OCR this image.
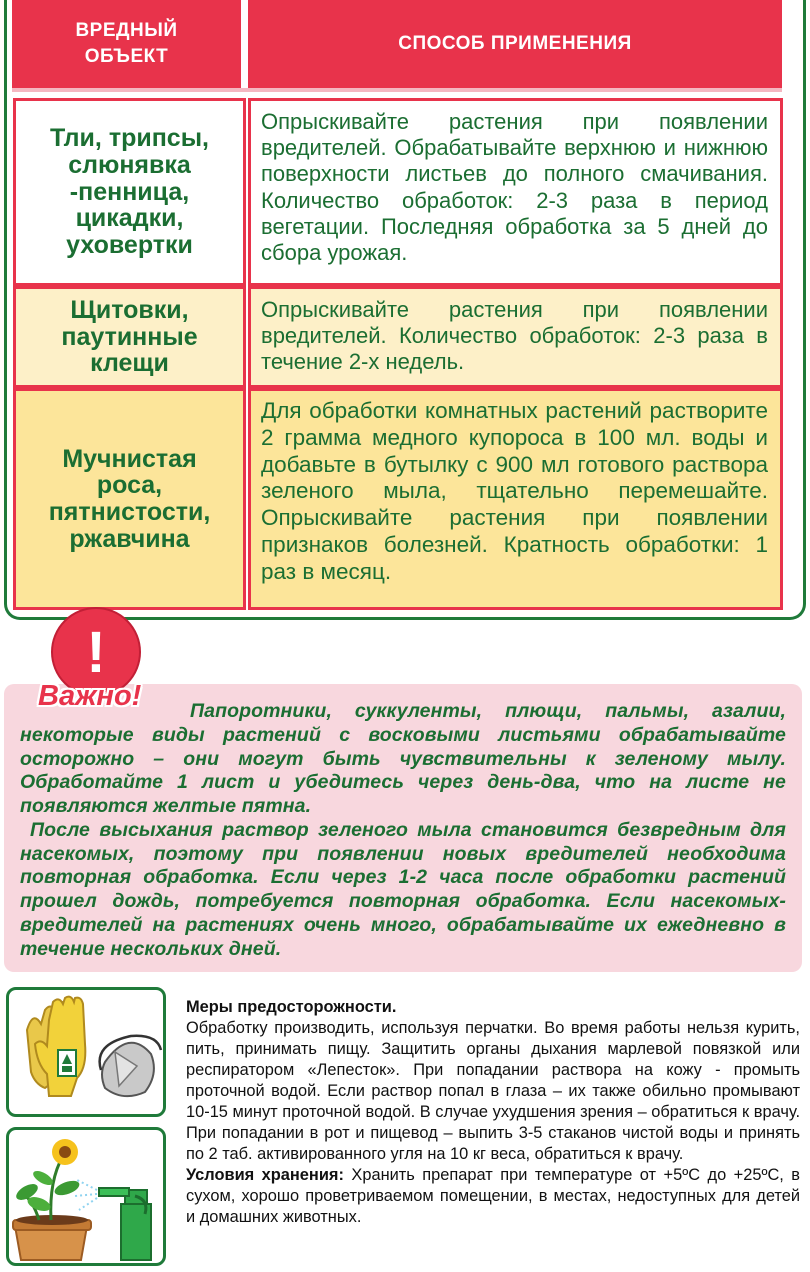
ВРЕДНЫЙ ОБЪЕКТ
СПОСОБ ПРИМЕНЕНИЯ
Тли, трипсы, слюнявка -пенница, цикадки, уховертки
Опрыскивайте растения при появлении вредителей. Обрабатывайте верхнюю и нижнюю поверхности листьев до полного смачивания. Количество обработок: 2-3 раза в период вегетации. Последняя обработка за 5 дней до сбора урожая.
Щитовки, паутинные клещи
Опрыскивайте растения при появлении вредителей. Количество обработок: 2-3 раза в течение 2-х недель.
Мучнистая роса, пятнистости, ржавчина
Для обработки комнатных растений растворите 2 грамма медного купороса в 100 мл. воды и добавьте в бутылку с 900 мл готового раствора зеленого мыла, тщательно перемешайте. Опрыскивайте растения при появлении признаков болезней. Кратность обработки: 1 раз в месяц.
!
Важно!	Папоротники, суккуленты, плющи, пальмы, азалии, некоторые виды растений с восковыми листьями обрабатывайте осторожно – они могут быть чувствительны к зеленому мылу. Обработайте 1 лист и убедитесь через день-два, что на листе не появляются желтые пятна.

После высыхания раствор зеленого мыла становится безвредным для насекомых, поэтому при появлении новых вредителей необходима повторная обработка. Если через 1-2 часа после обработки растений прошел дождь, потребуется повторная обработка. Если насекомых-вредителей на растениях очень много, обрабатывайте их ежедневно в течение нескольких дней.

Меры предосторожности.

Обработку производить, используя перчатки. Во время работы нельзя курить, пить, принимать пищу. Защитить органы дыхания марлевой повязкой или респиратором «Лепесток». При попадании раствора на кожу - промыть проточной водой. Если раствор попал в глаза – их также обильно промывают 10-15 минут проточной водой. В случае ухудшения зрения – обратиться к врачу. При попадании в рот и пищевод – выпить 3-5 стаканов чистой воды и принять по 2 таб. активированного угля на 10 кг веса, обратиться к врачу.

Условия хранения: Хранить препарат при температуре от +5ºС до +25ºС, в сухом, хорошо проветриваемом помещении, в местах, недоступных для детей и домашних животных.
